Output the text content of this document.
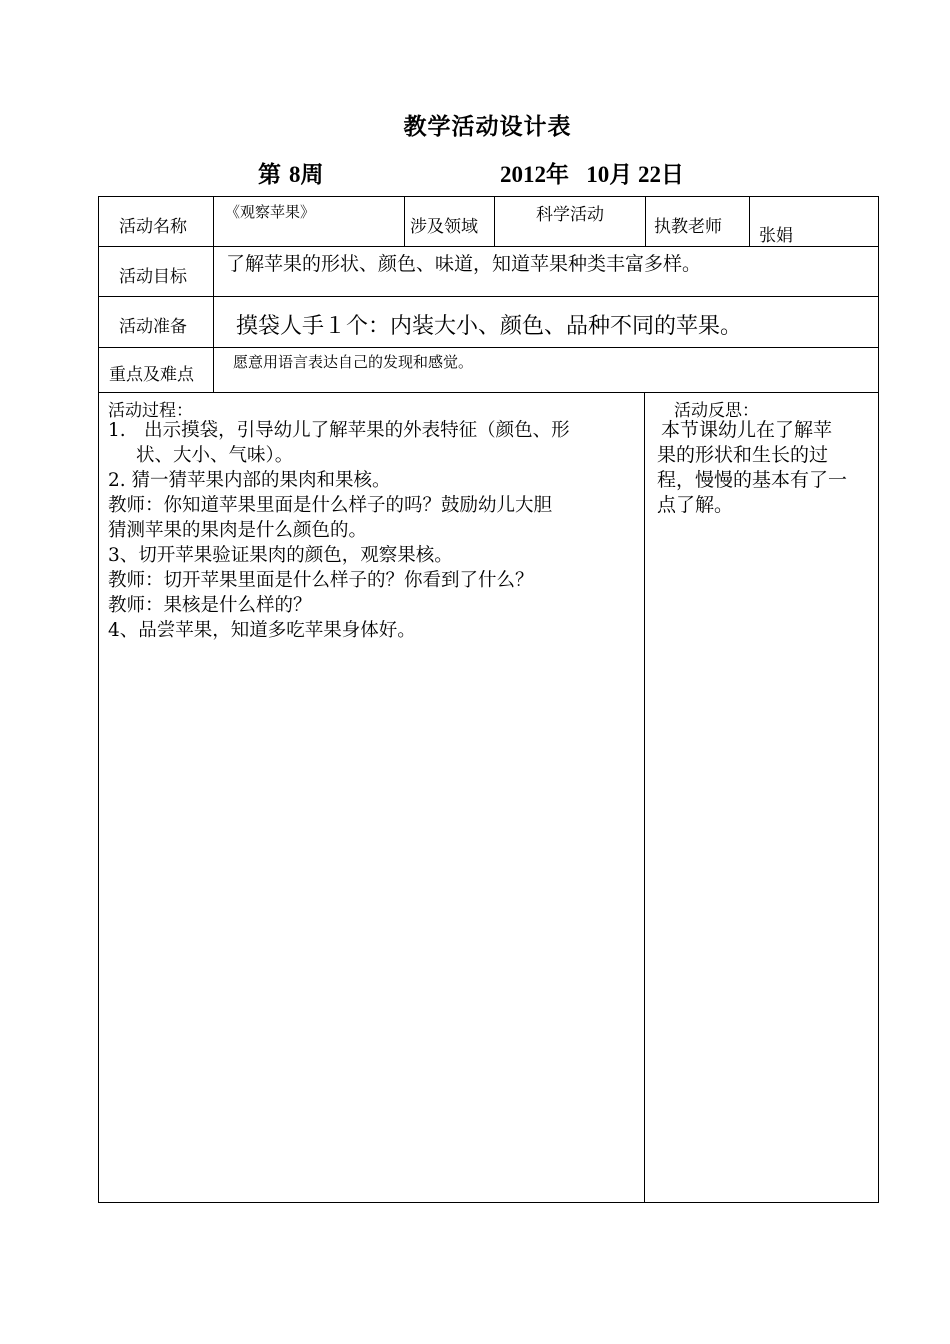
教学活动设计表
第 8周	2012年 10月 22日
活动名称
《观察苹果》
涉及领域
科学活动
执教老师 张娟
活动目标
了解苹果的形状、颜色、味道，知道苹果种类丰富多样。
活动准备 摸袋人手１个：内装大小、颜色、品种不同的苹果。
重点及难点
愿意用语言表达自己的发现和感觉。
活动过程：
1.　出示摸袋，引导幼儿了解苹果的外表特征（颜色、形
状、大小、气味）。
2. 猜一猜苹果内部的果肉和果核。
教师：你知道苹果里面是什么样子的吗？鼓励幼儿大胆
猜测苹果的果肉是什么颜色的。
3、切开苹果验证果肉的颜色，观察果核。
教师：切开苹果里面是什么样子的？你看到了什么？
教师：果核是什么样的？
4、品尝苹果，知道多吃苹果身体好。
活动反思：
本节课幼儿在了解苹
果的形状和生长的过
程，慢慢的基本有了一
点了解。
